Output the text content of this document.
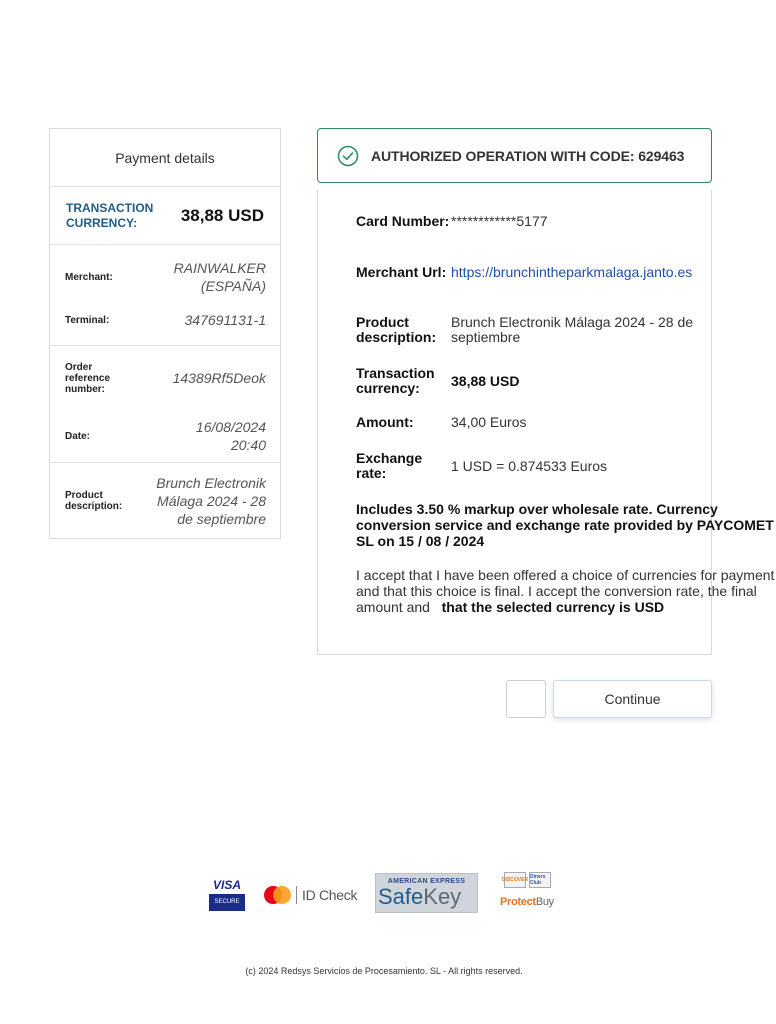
Payment details
TRANSACTION CURRENCY:	38,88 USD
Merchant:
RAINWALKER (ESPAÑA)
Terminal:	347691131-1
Order reference number:
14389Rf5Deok
Date:
16/08/2024 20:40
Product description:
Brunch Electronik Málaga 2024 - 28 de septiembre
AUTHORIZED OPERATION WITH CODE: 629463
Card Number: ************5177
Merchant Url: https://brunchintheparkmalaga.janto.es
Product description:
Brunch Electronik Málaga 2024 - 28 de septiembre
Transaction currency:	38,88 USD
Amount:	34,00 Euros
Exchange rate:	1 USD = 0.874533 Euros
Includes 3.50 % markup over wholesale rate. Currency conversion service and exchange rate provided by PAYCOMET SL on 15 / 08 / 2024
I accept that I have been offered a choice of currencies for payment and that this choice is final. I accept the conversion rate, the final amount and that the selected currency is USD
Continue
VISA
SECURE	ID Check
AMERICAN EXPRESS
SafeKey
DISCOVER Diners Club
ProtectBuy
(c) 2024 Redsys Servicios de Procesamiento. SL - All rights reserved.
